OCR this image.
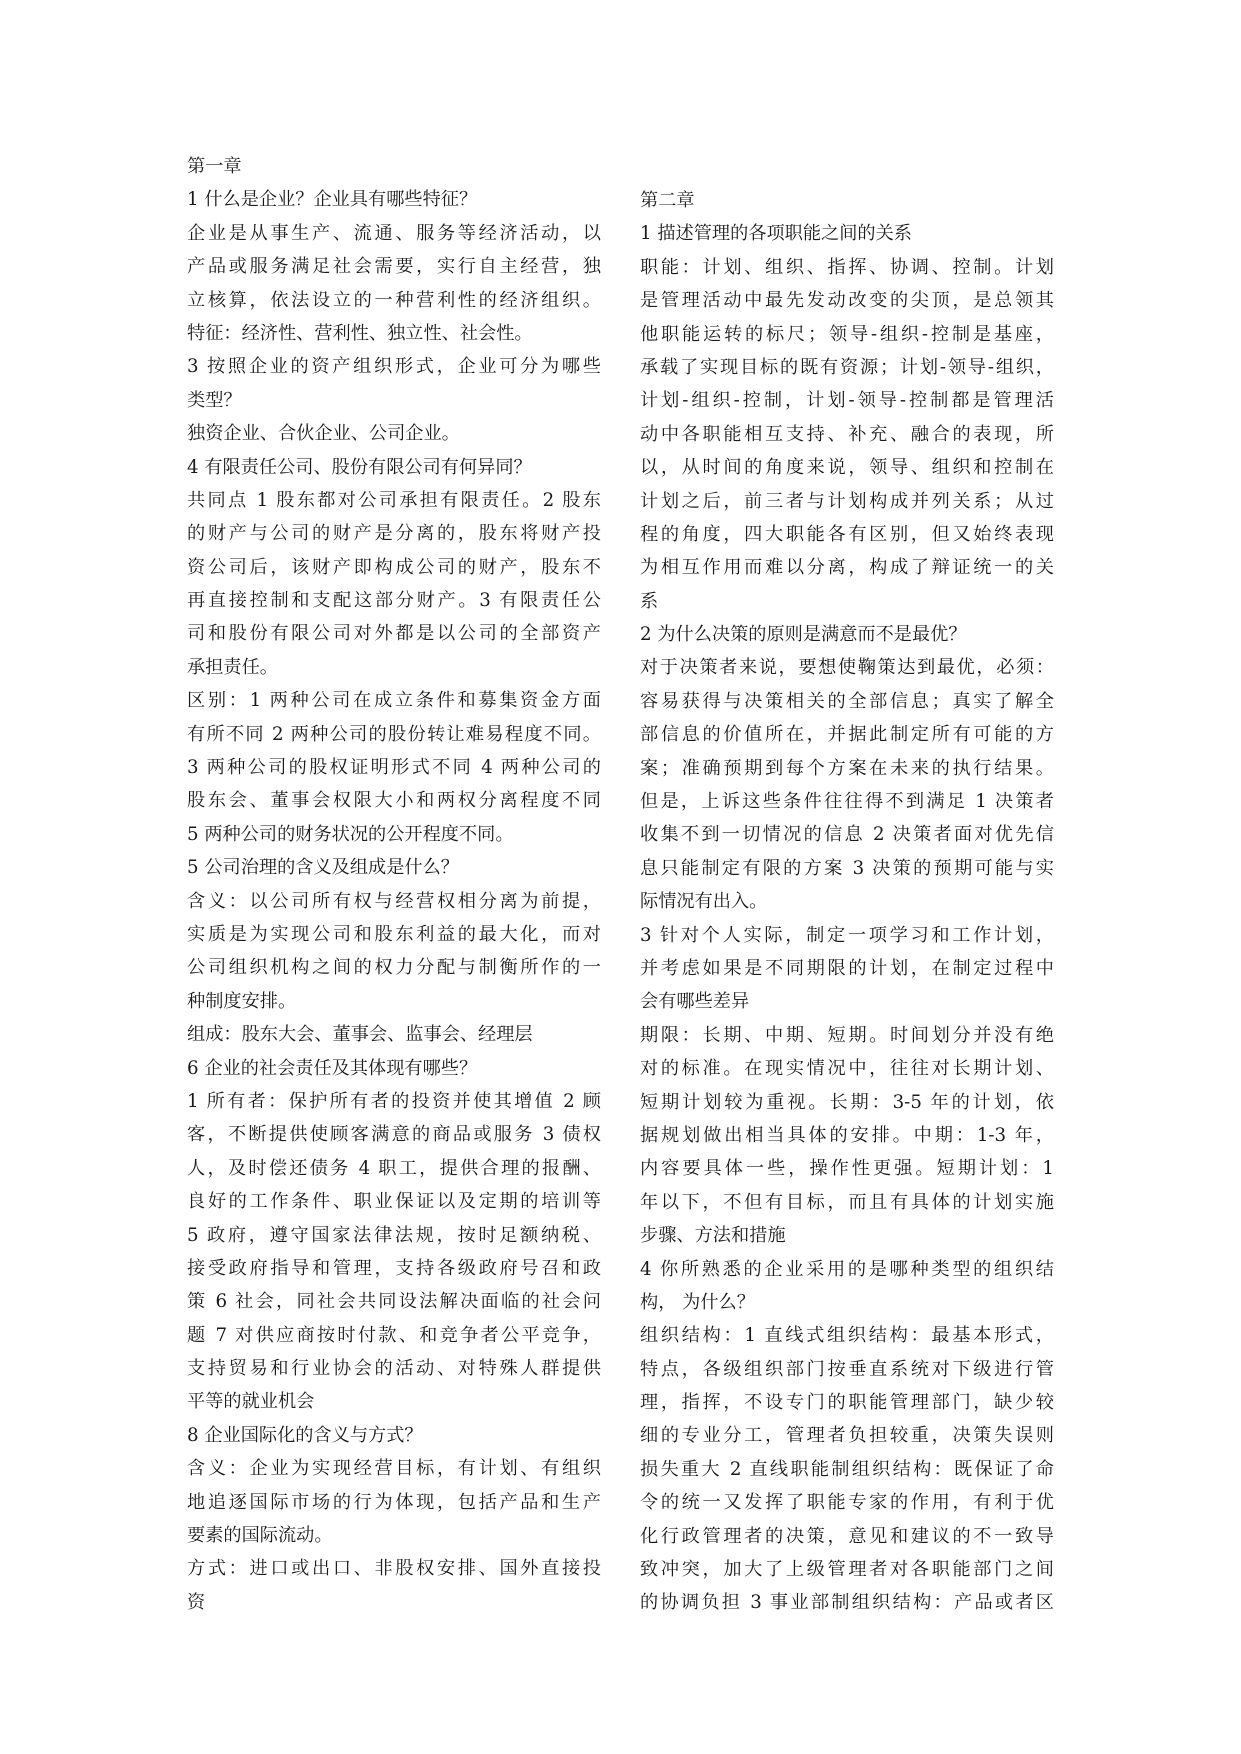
第一章
1 什么是企业？企业具有哪些特征？
企业是从事生产、流通、服务等经济活动，以
产品或服务满足社会需要，实行自主经营，独
立核算，依法设立的一种营利性的经济组织。
特征：经济性、营利性、独立性、社会性。
3 按照企业的资产组织形式，企业可分为哪些
类型？
独资企业、合伙企业、公司企业。
4 有限责任公司、股份有限公司有何异同？
共同点 1 股东都对公司承担有限责任。2 股东
的财产与公司的财产是分离的，股东将财产投
资公司后，该财产即构成公司的财产，股东不
再直接控制和支配这部分财产。3 有限责任公
司和股份有限公司对外都是以公司的全部资产
承担责任。
区别：1 两种公司在成立条件和募集资金方面
有所不同 2 两种公司的股份转让难易程度不同。
3 两种公司的股权证明形式不同 4 两种公司的
股东会、董事会权限大小和两权分离程度不同
5 两种公司的财务状况的公开程度不同。
5 公司治理的含义及组成是什么？
含义：以公司所有权与经营权相分离为前提，
实质是为实现公司和股东利益的最大化，而对
公司组织机构之间的权力分配与制衡所作的一
种制度安排。
组成：股东大会、董事会、监事会、经理层
6 企业的社会责任及其体现有哪些？
1 所有者：保护所有者的投资并使其增值 2 顾
客，不断提供使顾客满意的商品或服务 3 债权
人，及时偿还债务 4 职工，提供合理的报酬、
良好的工作条件、职业保证以及定期的培训等
5 政府，遵守国家法律法规，按时足额纳税、
接受政府指导和管理，支持各级政府号召和政
策 6 社会，同社会共同设法解决面临的社会问
题 7 对供应商按时付款、和竞争者公平竞争，
支持贸易和行业协会的活动、对特殊人群提供
平等的就业机会
8 企业国际化的含义与方式？
含义：企业为实现经营目标，有计划、有组织
地追逐国际市场的行为体现，包括产品和生产
要素的国际流动。
方式：进口或出口、非股权安排、国外直接投
资
第二章
1 描述管理的各项职能之间的关系
职能：计划、组织、指挥、协调、控制。计划
是管理活动中最先发动改变的尖顶，是总领其
他职能运转的标尺；领导-组织-控制是基座，
承载了实现目标的既有资源；计划-领导-组织，
计划-组织-控制，计划-领导-控制都是管理活
动中各职能相互支持、补充、融合的表现，所
以，从时间的角度来说，领导、组织和控制在
计划之后，前三者与计划构成并列关系；从过
程的角度，四大职能各有区别，但又始终表现
为相互作用而难以分离，构成了辩证统一的关
系
2 为什么决策的原则是满意而不是最优？
对于决策者来说，要想使鞠策达到最优，必须：
容易获得与决策相关的全部信息；真实了解全
部信息的价值所在，并据此制定所有可能的方
案；准确预期到每个方案在未来的执行结果。
但是，上诉这些条件往往得不到满足 1 决策者
收集不到一切情况的信息 2 决策者面对优先信
息只能制定有限的方案 3 决策的预期可能与实
际情况有出入。
3 针对个人实际，制定一项学习和工作计划，
并考虑如果是不同期限的计划，在制定过程中
会有哪些差异
期限：长期、中期、短期。时间划分并没有绝
对的标准。在现实情况中，往往对长期计划、
短期计划较为重视。长期：3-5 年的计划，依
据规划做出相当具体的安排。中期：1-3 年，
内容要具体一些，操作性更强。短期计划：1
年以下，不但有目标，而且有具体的计划实施
步骤、方法和措施
4 你所熟悉的企业采用的是哪种类型的组织结
构， 为什么？
组织结构：1 直线式组织结构：最基本形式，
特点，各级组织部门按垂直系统对下级进行管
理，指挥，不设专门的职能管理部门，缺少较
细的专业分工，管理者负担较重，决策失误则
损失重大 2 直线职能制组织结构：既保证了命
令的统一又发挥了职能专家的作用，有利于优
化行政管理者的决策，意见和建议的不一致导
致冲突，加大了上级管理者对各职能部门之间
的协调负担 3 事业部制组织结构：产品或者区
